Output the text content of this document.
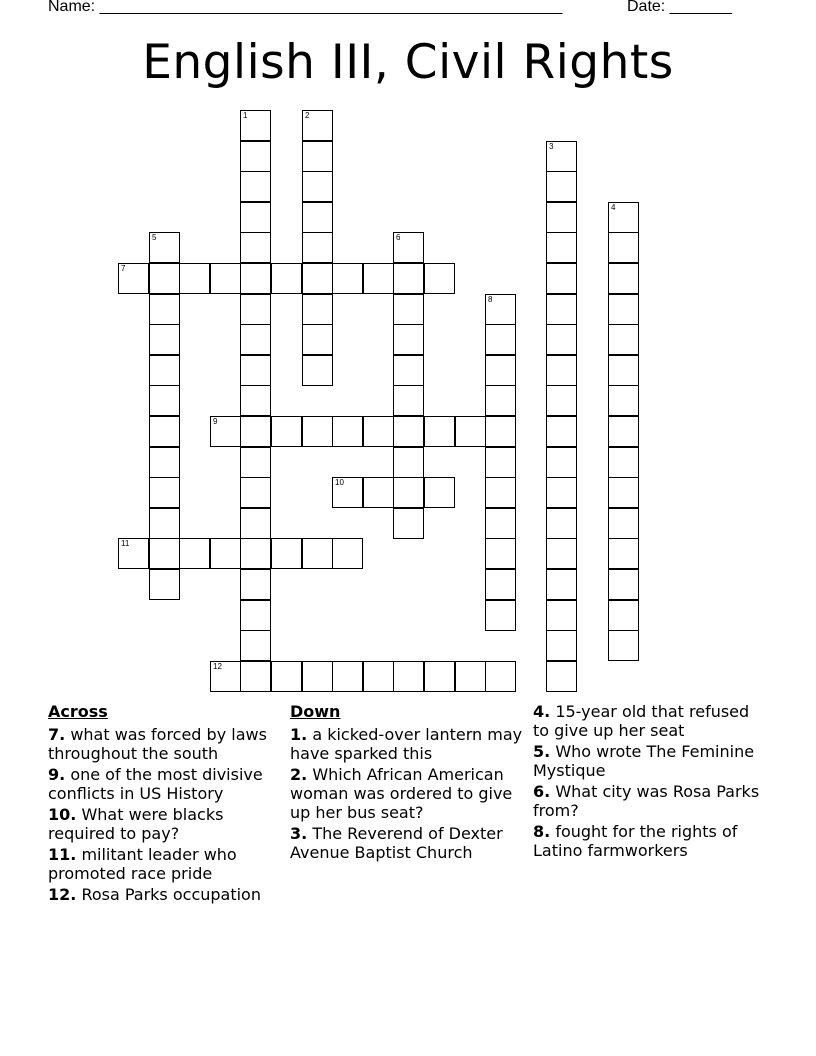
Name: ____________________________________________________	Date: _______
English III, Civil Rights
1	2
3
4
5	6
7
8
9
10
11
12
Across
7. what was forced by laws throughout the south
9. one of the most divisive conflicts in US History
10. What were blacks required to pay?
11. militant leader who promoted race pride
12. Rosa Parks occupation
Down
1. a kicked-over lantern may have sparked this
2. Which African American woman was ordered to give up her bus seat?
3. The Reverend of Dexter Avenue Baptist Church
4. 15-year old that refused to give up her seat
5. Who wrote The Feminine Mystique
6. What city was Rosa Parks from?
8. fought for the rights of Latino farmworkers
